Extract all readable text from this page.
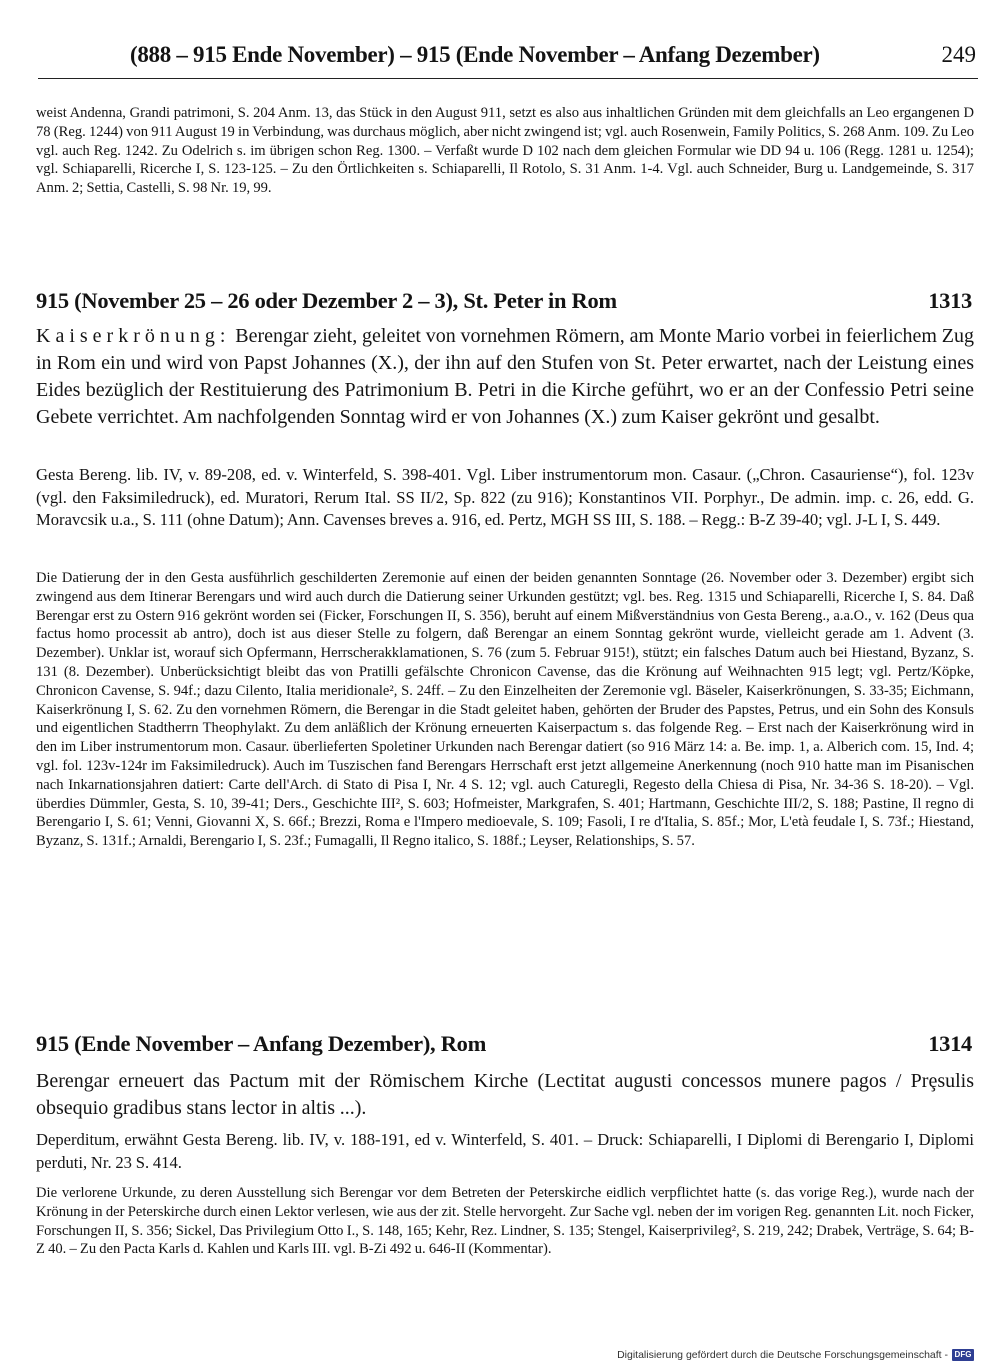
(888 – 915 Ende November) – 915 (Ende November – Anfang Dezember)	249

weist Andenna, Grandi patrimoni, S. 204 Anm. 13, das Stück in den August 911, setzt es also aus inhaltlichen Gründen mit dem gleichfalls an Leo ergangenen D 78 (Reg. 1244) von 911 August 19 in Verbindung, was durchaus möglich, aber nicht zwingend ist; vgl. auch Rosenwein, Family Politics, S. 268 Anm. 109. Zu Leo vgl. auch Reg. 1242. Zu Odelrich s. im übrigen schon Reg. 1300. – Verfaßt wurde D 102 nach dem gleichen Formular wie DD 94 u. 106 (Regg. 1281 u. 1254); vgl. Schiaparelli, Ricerche I, S. 123-125. – Zu den Örtlichkeiten s. Schiaparelli, Il Rotolo, S. 31 Anm. 1-4. Vgl. auch Schneider, Burg u. Landgemeinde, S. 317 Anm. 2; Settia, Castelli, S. 98 Nr. 19, 99.

915 (November 25 – 26 oder Dezember 2 – 3), St. Peter in Rom	1313

Kaiserkrönung: Berengar zieht, geleitet von vornehmen Römern, am Monte Mario vorbei in feierlichem Zug in Rom ein und wird von Papst Johannes (X.), der ihn auf den Stufen von St. Peter erwartet, nach der Leistung eines Eides bezüglich der Restituierung des Patrimonium B. Petri in die Kirche geführt, wo er an der Confessio Petri seine Gebete verrichtet. Am nachfolgenden Sonntag wird er von Johannes (X.) zum Kaiser gekrönt und gesalbt.

Gesta Bereng. lib. IV, v. 89-208, ed. v. Winterfeld, S. 398-401. Vgl. Liber instrumentorum mon. Casaur. („Chron. Casauriense“), fol. 123v (vgl. den Faksimiledruck), ed. Muratori, Rerum Ital. SS II/2, Sp. 822 (zu 916); Konstantinos VII. Porphyr., De admin. imp. c. 26, edd. G. Moravcsik u.a., S. 111 (ohne Datum); Ann. Cavenses breves a. 916, ed. Pertz, MGH SS III, S. 188. – Regg.: B-Z 39-40; vgl. J-L I, S. 449.

Die Datierung der in den Gesta ausführlich geschilderten Zeremonie auf einen der beiden genannten Sonntage (26. November oder 3. Dezember) ergibt sich zwingend aus dem Itinerar Berengars und wird auch durch die Datierung seiner Urkunden gestützt; vgl. bes. Reg. 1315 und Schiaparelli, Ricerche I, S. 84. Daß Berengar erst zu Ostern 916 gekrönt worden sei (Ficker, Forschungen II, S. 356), beruht auf einem Mißverständnius von Gesta Bereng., a.a.O., v. 162 (Deus qua factus homo processit ab antro), doch ist aus dieser Stelle zu folgern, daß Berengar an einem Sonntag gekrönt wurde, vielleicht gerade am 1. Advent (3. Dezember). Unklar ist, worauf sich Opfermann, Herrscherakklamationen, S. 76 (zum 5. Februar 915!), stützt; ein falsches Datum auch bei Hiestand, Byzanz, S. 131 (8. Dezember). Unberücksichtigt bleibt das von Pratilli gefälschte Chronicon Cavense, das die Krönung auf Weihnachten 915 legt; vgl. Pertz/Köpke, Chronicon Cavense, S. 94f.; dazu Cilento, Italia meridionale², S. 24ff. – Zu den Einzelheiten der Zeremonie vgl. Bäseler, Kaiserkrönungen, S. 33-35; Eichmann, Kaiserkrönung I, S. 62. Zu den vornehmen Römern, die Berengar in die Stadt geleitet haben, gehörten der Bruder des Papstes, Petrus, und ein Sohn des Konsuls und eigentlichen Stadtherrn Theophylakt. Zu dem anläßlich der Krönung erneuerten Kaiserpactum s. das folgende Reg. – Erst nach der Kaiserkrönung wird in den im Liber instrumentorum mon. Casaur. überlieferten Spoletiner Urkunden nach Berengar datiert (so 916 März 14: a. Be. imp. 1, a. Alberich com. 15, Ind. 4; vgl. fol. 123v-124r im Faksimiledruck). Auch im Tuszischen fand Berengars Herrschaft erst jetzt allgemeine Anerkennung (noch 910 hatte man im Pisanischen nach Inkarnationsjahren datiert: Carte dell'Arch. di Stato di Pisa I, Nr. 4 S. 12; vgl. auch Caturegli, Regesto della Chiesa di Pisa, Nr. 34-36 S. 18-20). – Vgl. überdies Dümmler, Gesta, S. 10, 39-41; Ders., Geschichte III², S. 603; Hofmeister, Markgrafen, S. 401; Hartmann, Geschichte III/2, S. 188; Pastine, Il regno di Berengario I, S. 61; Venni, Giovanni X, S. 66f.; Brezzi, Roma e l'Impero medioevale, S. 109; Fasoli, I re d'Italia, S. 85f.; Mor, L'età feudale I, S. 73f.; Hiestand, Byzanz, S. 131f.; Arnaldi, Berengario I, S. 23f.; Fumagalli, Il Regno italico, S. 188f.; Leyser, Relationships, S. 57.

915 (Ende November – Anfang Dezember), Rom	1314

Berengar erneuert das Pactum mit der Römischem Kirche (Lectitat augusti concessos munere pagos / Prȩsulis obsequio gradibus stans lector in altis ...).

Deperditum, erwähnt Gesta Bereng. lib. IV, v. 188-191, ed v. Winterfeld, S. 401. – Druck: Schiaparelli, I Diplomi di Berengario I, Diplomi perduti, Nr. 23 S. 414.

Die verlorene Urkunde, zu deren Ausstellung sich Berengar vor dem Betreten der Peterskirche eidlich verpflichtet hatte (s. das vorige Reg.), wurde nach der Krönung in der Peterskirche durch einen Lektor verlesen, wie aus der zit. Stelle hervorgeht. Zur Sache vgl. neben der im vorigen Reg. genannten Lit. noch Ficker, Forschungen II, S. 356; Sickel, Das Privilegium Otto I., S. 148, 165; Kehr, Rez. Lindner, S. 135; Stengel, Kaiserprivileg², S. 219, 242; Drabek, Verträge, S. 64; B-Z 40. – Zu den Pacta Karls d. Kahlen und Karls III. vgl. B-Zi 492 u. 646-II (Kommentar).

Digitalisierung gefördert durch die Deutsche Forschungsgemeinschaft - DFG
